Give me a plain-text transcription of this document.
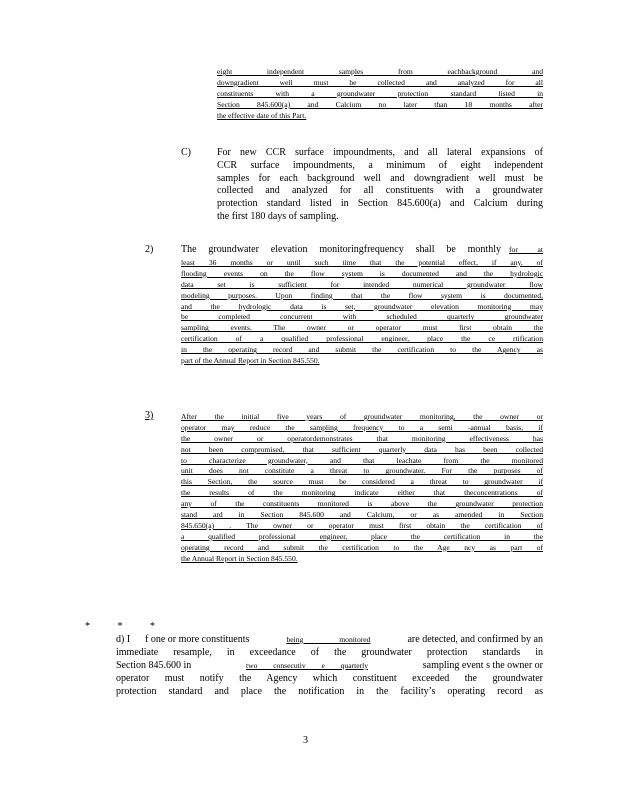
eight independent samples from eachbackground and
downgradient well must be collected and analyzed for all
constituents with a groundwater protection standard listed in
Section 845.600(a) and Calcium no later than 18 months after
the effective date of this Part.
C)	For new CCR surface impoundments, and all lateral expansions of
CCR surface impoundments, a minimum of eight independent
samples for each background well and downgradient well must be
collected and analyzed for all constituents with a groundwater
protection standard listed in Section 845.600(a) and Calcium during
the first 180 days of sampling.
2)	The groundwater elevation monitoringfrequency shall be monthly for at
least 36 months or until such time that the potential effect, if any, of
flooding events on the flow system is documented and the hydrologic
data set is sufficient for intended numerical groundwater flow
modeling purposes. Upon finding that the flow system is documented,
and the hydrologic data is set, groundwater elevation monitoring may
be completed concurrent with scheduled quarterly groundwater
sampling events. The owner or operator must first obtain the
certification of a qualified professional engineer, place the ce rtification
in the operating record and submit the certification to the Agency as
part of the Annual Report in Section 845.550.
3)	After the initial five years of groundwater monitoring, the owner or
operator may reduce the sampling frequency to a semi -annual basis, if
the owner or operatordemonstrates that monitoring effectiveness has
not been compromised, that sufficient quarterly data has been collected
to characterize groundwater, and that leachate from the monitored
unit does not constitute a threat to groundwater. For the purposes of
this Section, the source must be considered a threat to groundwater if
the results of the monitoring indicate either that theconcentrations of
any of the constituents monitored is above the groundwater protection
stand ard in Section 845.600 and Calcium, or as amended in Section
845.650(a) . The owner or operator must first obtain the certification of
a qualified professional engineer, place the certification in the
operating record and submit the certification to the Age ncy as part of
the Annual Report in Section 845.550.
*	*	*
d) I f one or more constituents	being monitored	are detected, and confirmed by an
immediate resample, in exceedance of the groundwater protection standards in
Section 845.600 in	two consecutiv e quarterly	sampling event s the owner or
operator must notify the Agency which constituent exceeded the groundwater
protection standard and place the notification in the facility’s operating record as
3
